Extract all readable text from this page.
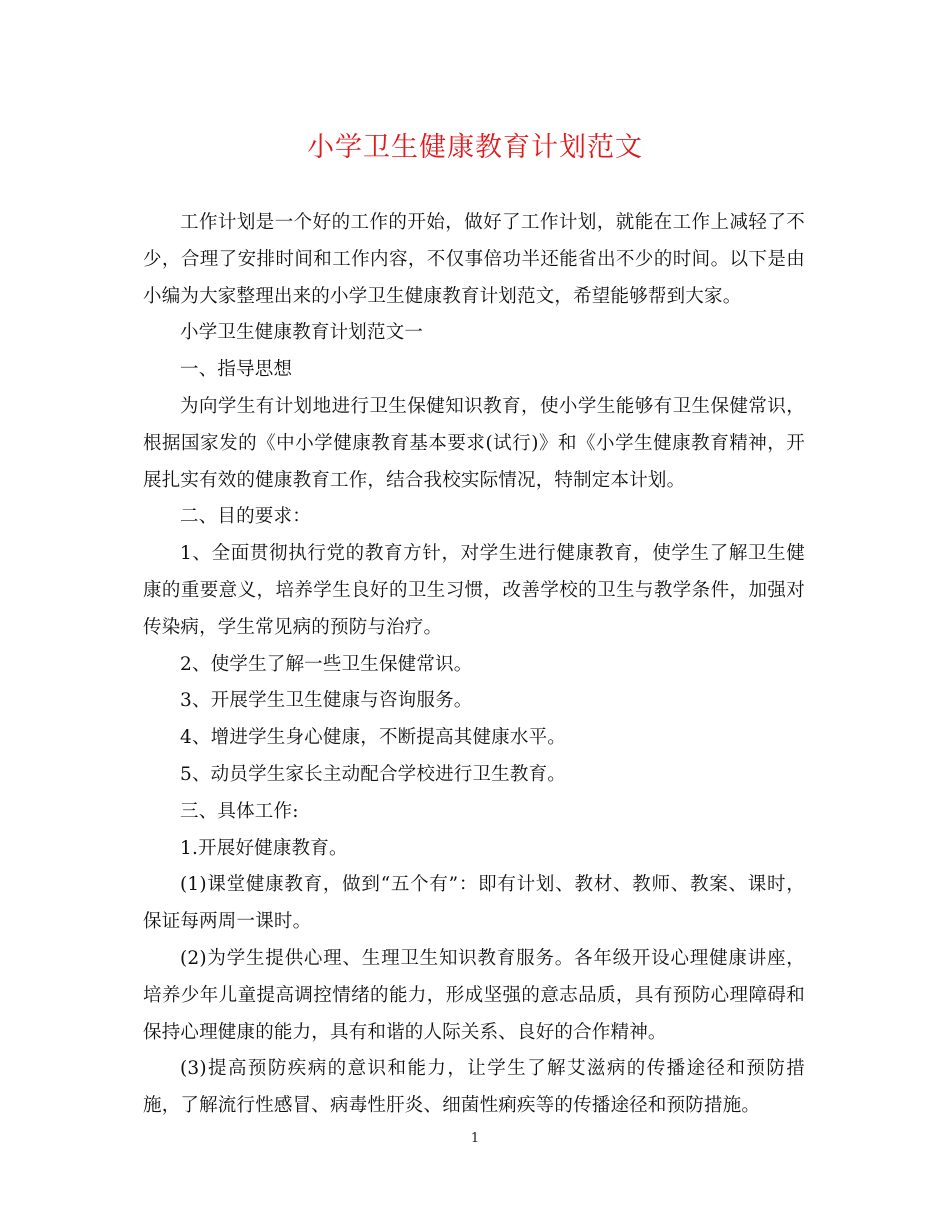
小学卫生健康教育计划范文

工作计划是一个好的工作的开始，做好了工作计划，就能在工作上减轻了不少，合理了安排时间和工作内容，不仅事倍功半还能省出不少的时间。以下是由小编为大家整理出来的小学卫生健康教育计划范文，希望能够帮到大家。

小学卫生健康教育计划范文一

一、指导思想

为向学生有计划地进行卫生保健知识教育，使小学生能够有卫生保健常识，根据国家发的《中小学健康教育基本要求(试行)》和《小学生健康教育精神，开展扎实有效的健康教育工作，结合我校实际情况，特制定本计划。

二、目的要求：

1、全面贯彻执行党的教育方针，对学生进行健康教育，使学生了解卫生健康的重要意义，培养学生良好的卫生习惯，改善学校的卫生与教学条件，加强对传染病，学生常见病的预防与治疗。

2、使学生了解一些卫生保健常识。

3、开展学生卫生健康与咨询服务。

4、增进学生身心健康，不断提高其健康水平。

5、动员学生家长主动配合学校进行卫生教育。

三、具体工作:

1.开展好健康教育。

(1)课堂健康教育，做到“五个有”：即有计划、教材、教师、教案、课时，保证每两周一课时。

(2)为学生提供心理、生理卫生知识教育服务。各年级开设心理健康讲座，培养少年儿童提高调控情绪的能力，形成坚强的意志品质，具有预防心理障碍和保持心理健康的能力，具有和谐的人际关系、良好的合作精神。

(3)提高预防疾病的意识和能力，让学生了解艾滋病的传播途径和预防措施，了解流行性感冒、病毒性肝炎、细菌性痢疾等的传播途径和预防措施。

1
